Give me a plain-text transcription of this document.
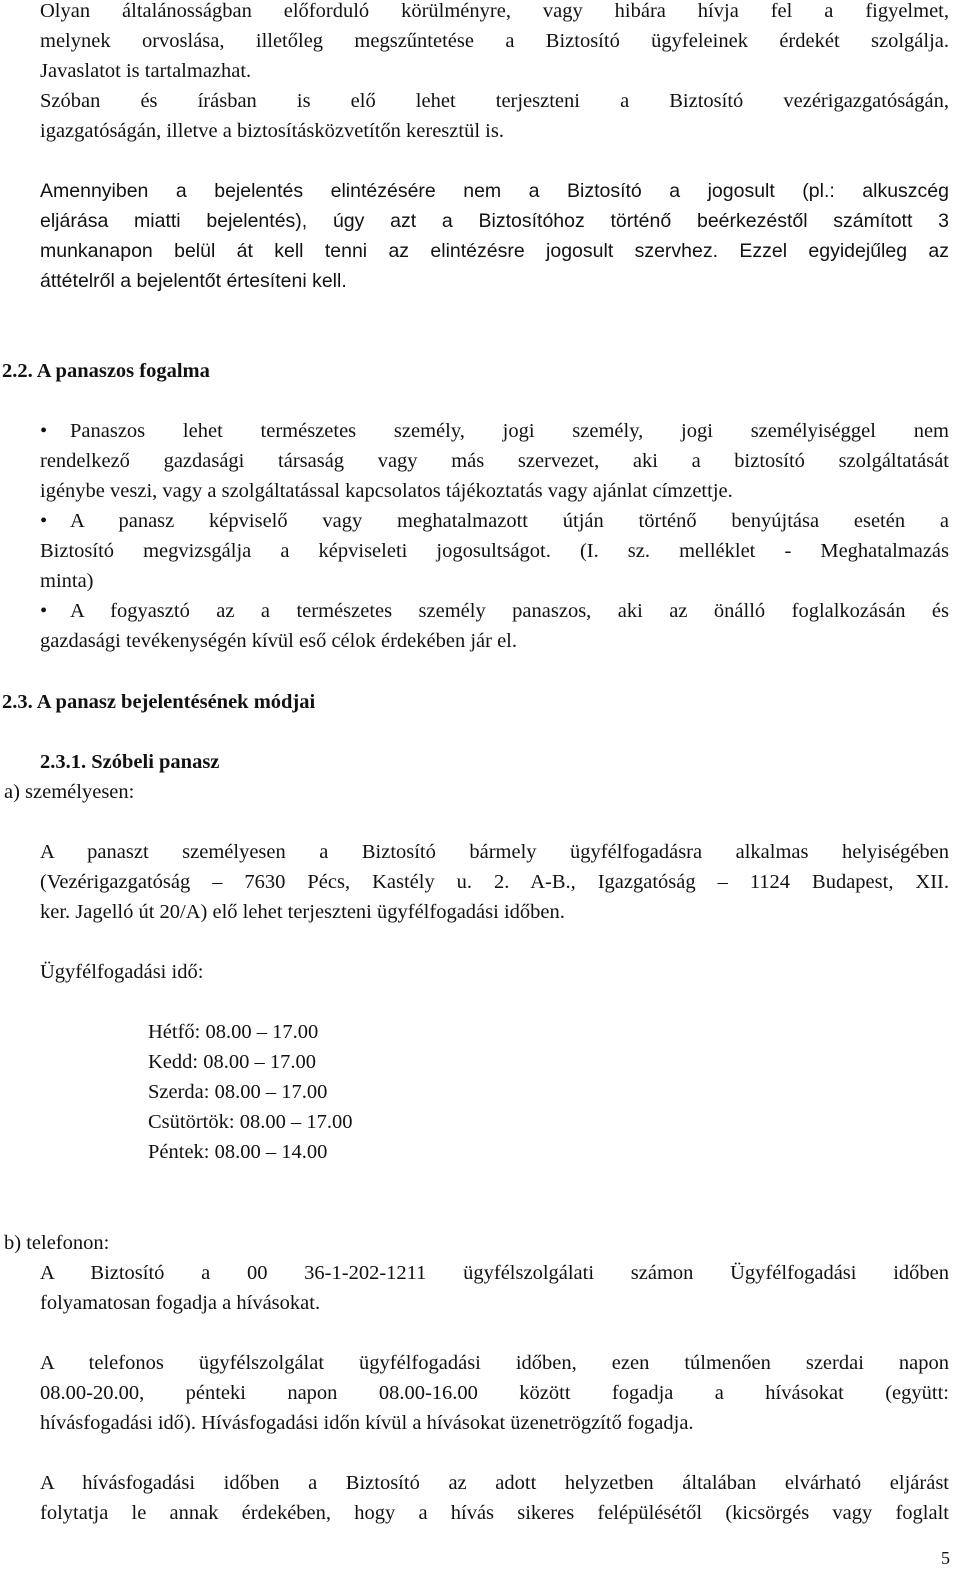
Olyan általánosságban előforduló körülményre, vagy hibára hívja fel a figyelmet,
melynek orvoslása, illetőleg megszűntetése a Biztosító ügyfeleinek érdekét szolgálja.
Javaslatot is tartalmazhat.
Szóban és írásban is elő lehet terjeszteni a Biztosító vezérigazgatóságán,
igazgatóságán, illetve a biztosításközvetítőn keresztül is.
Amennyiben a bejelentés elintézésére nem a Biztosító a jogosult (pl.: alkuszcég
eljárása miatti bejelentés), úgy azt a Biztosítóhoz történő beérkezéstől számított 3
munkanapon belül át kell tenni az elintézésre jogosult szervhez. Ezzel egyidejűleg az
áttételről a bejelentőt értesíteni kell.
2.2. A panaszos fogalma
•	Panaszos lehet természetes személy, jogi személy, jogi személyiséggel nem
rendelkező gazdasági társaság vagy más szervezet, aki a biztosító szolgáltatását
igénybe veszi, vagy a szolgáltatással kapcsolatos tájékoztatás vagy ajánlat címzettje.
•	A panasz képviselő vagy meghatalmazott útján történő benyújtása esetén a
Biztosító megvizsgálja a képviseleti jogosultságot. (I. sz. melléklet - Meghatalmazás
minta)
•	A fogyasztó az a természetes személy panaszos, aki az önálló foglalkozásán és
gazdasági tevékenységén kívül eső célok érdekében jár el.
2.3. A panasz bejelentésének módjai
2.3.1. Szóbeli panasz
a) személyesen:
A panaszt személyesen a Biztosító bármely ügyfélfogadásra alkalmas helyiségében
(Vezérigazgatóság – 7630 Pécs, Kastély u. 2. A-B., Igazgatóság – 1124 Budapest, XII.
ker. Jagelló út 20/A) elő lehet terjeszteni ügyfélfogadási időben.
Ügyfélfogadási idő:
Hétfő: 08.00 – 17.00
Kedd: 08.00 – 17.00
Szerda: 08.00 – 17.00
Csütörtök: 08.00 – 17.00
Péntek: 08.00 – 14.00
b) telefonon:
A Biztosító a 00 36-1-202-1211 ügyfélszolgálati számon Ügyfélfogadási időben
folyamatosan fogadja a hívásokat.
A telefonos ügyfélszolgálat ügyfélfogadási időben, ezen túlmenően szerdai napon
08.00-20.00, pénteki napon 08.00-16.00 között fogadja a hívásokat (együtt:
hívásfogadási idő). Hívásfogadási időn kívül a hívásokat üzenetrögzítő fogadja.
A hívásfogadási időben a Biztosító az adott helyzetben általában elvárható eljárást
folytatja le annak érdekében, hogy a hívás sikeres felépülésétől (kicsörgés vagy foglalt
5
